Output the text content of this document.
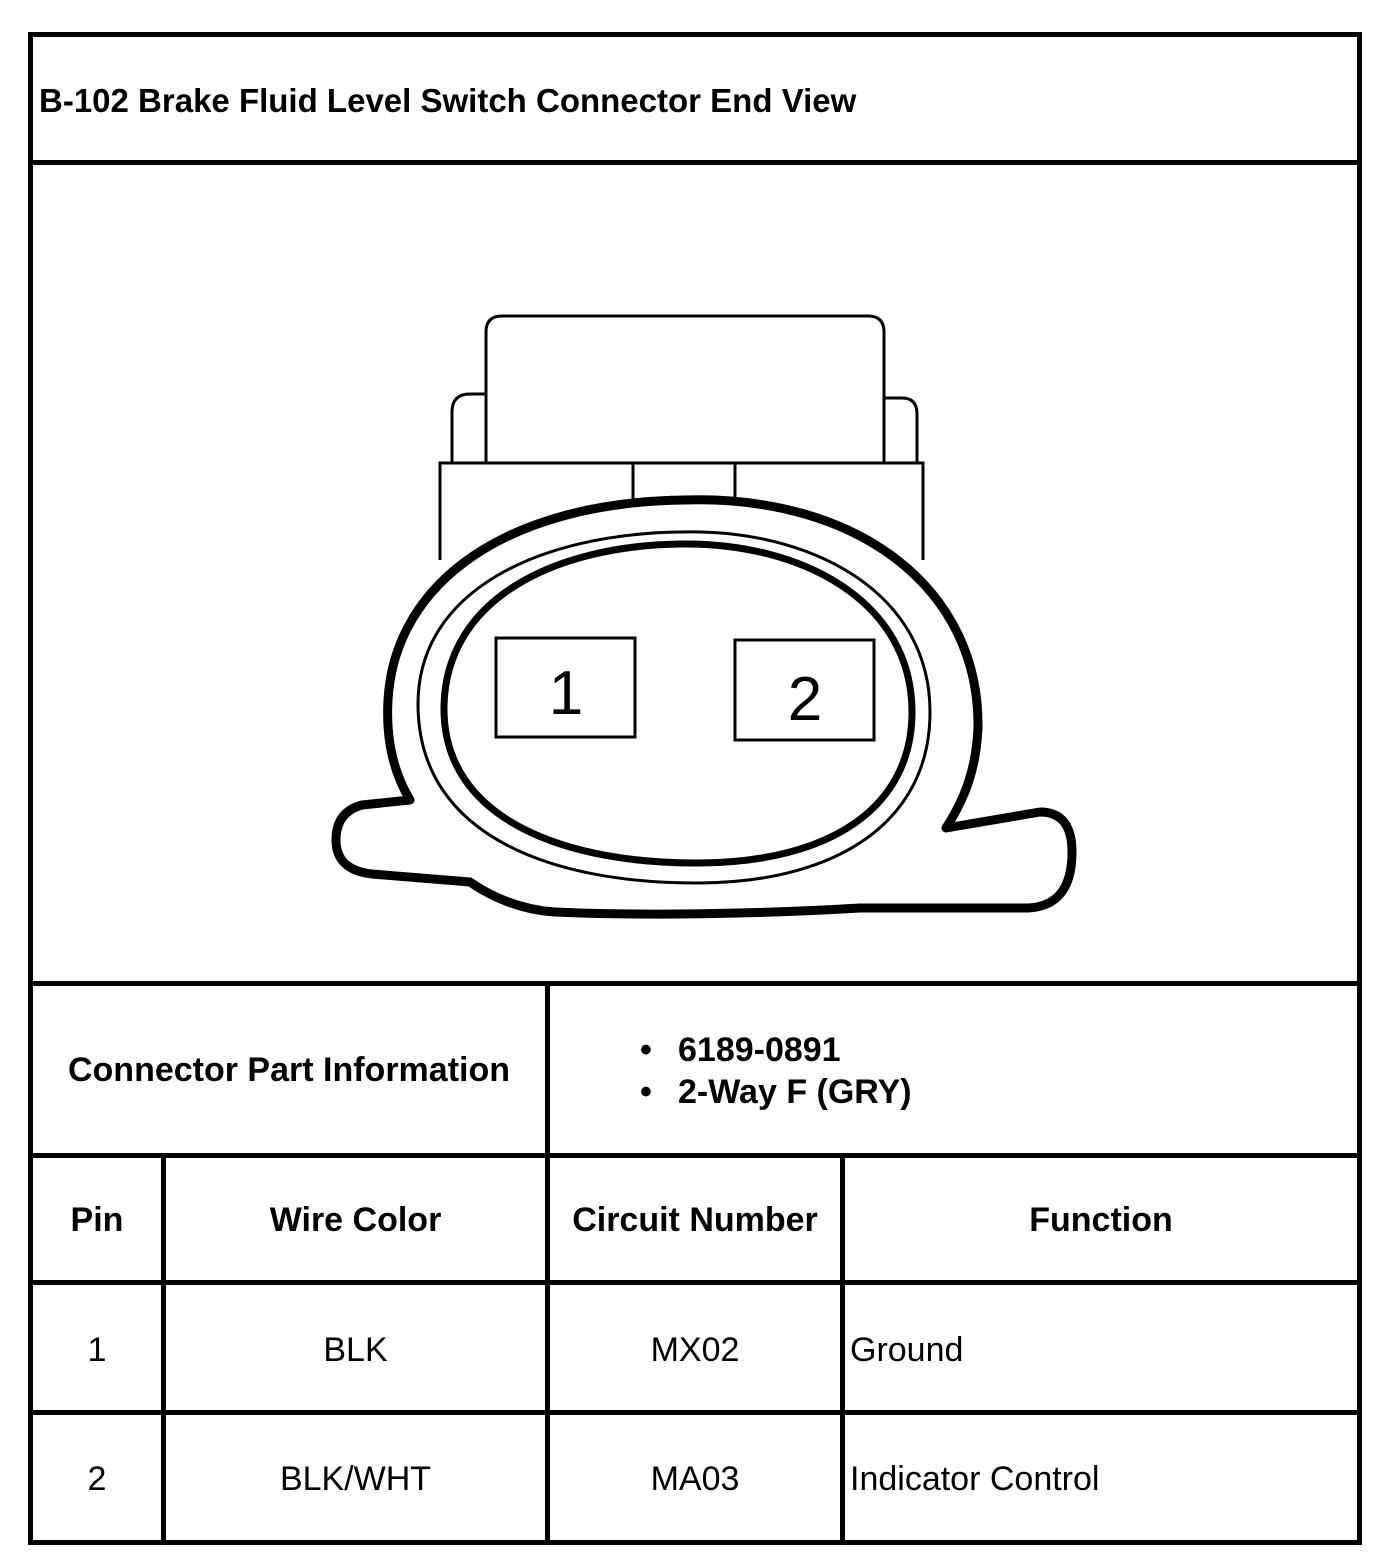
B-102 Brake Fluid Level Switch Connector End View
1	2
Connector Part Information
• 6189-0891
• 2-Way F (GRY)
Pin	Wire Color	Circuit Number	Function
1	BLK	MX02	Ground
2	BLK/WHT	MA03	Indicator Control
